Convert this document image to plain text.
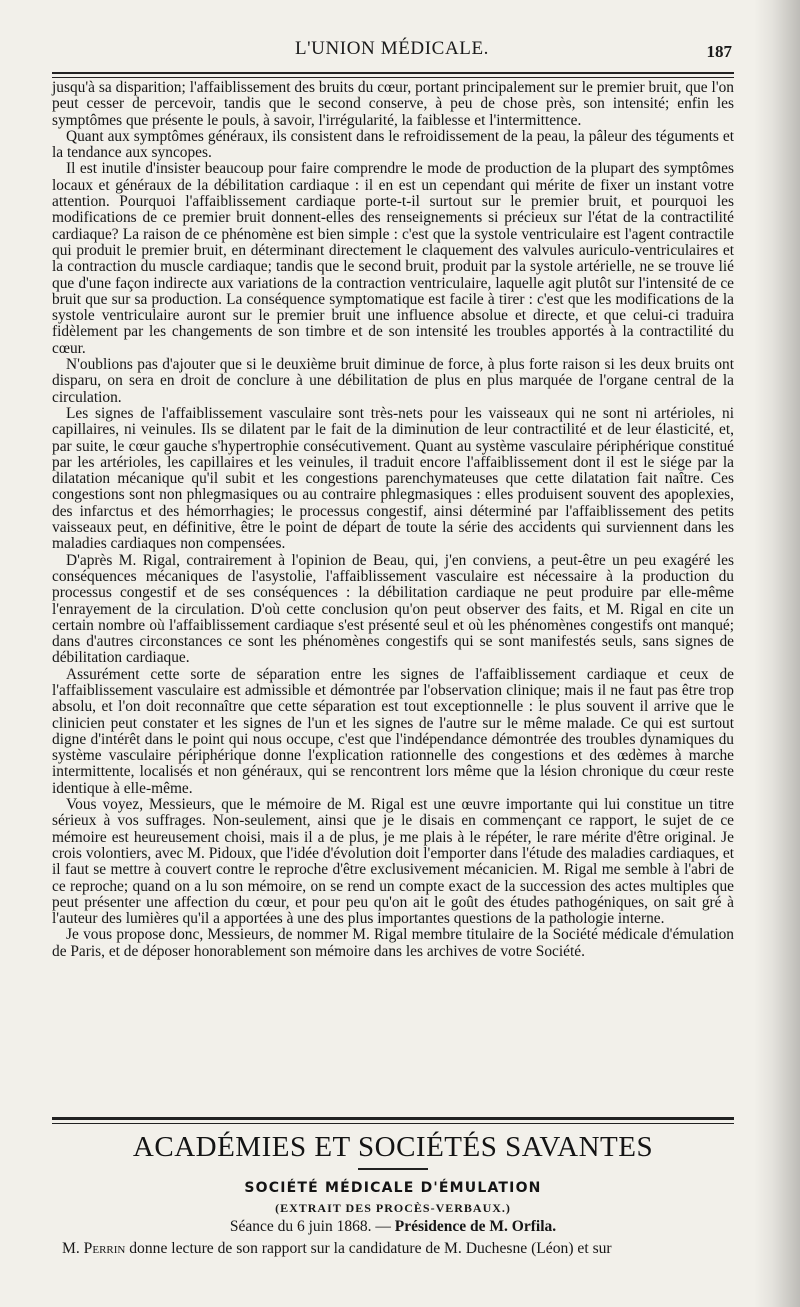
L'UNION MÉDICALE.	187

jusqu'à sa disparition; l'affaiblissement des bruits du cœur, portant principalement sur le premier bruit, que l'on peut cesser de percevoir, tandis que le second conserve, à peu de chose près, son intensité; enfin les symptômes que présente le pouls, à savoir, l'irrégularité, la faiblesse et l'intermittence.

Quant aux symptômes généraux, ils consistent dans le refroidissement de la peau, la pâleur des téguments et la tendance aux syncopes.

Il est inutile d'insister beaucoup pour faire comprendre le mode de production de la plupart des symptômes locaux et généraux de la débilitation cardiaque : il en est un cependant qui mérite de fixer un instant votre attention. Pourquoi l'affaiblissement cardiaque porte-t-il surtout sur le premier bruit, et pourquoi les modifications de ce premier bruit donnent-elles des renseignements si précieux sur l'état de la contractilité cardiaque? La raison de ce phénomène est bien simple : c'est que la systole ventriculaire est l'agent contractile qui produit le premier bruit, en déterminant directement le claquement des valvules auriculo-ventriculaires et la contraction du muscle cardiaque; tandis que le second bruit, produit par la systole artérielle, ne se trouve lié que d'une façon indirecte aux variations de la contraction ventriculaire, laquelle agit plutôt sur l'intensité de ce bruit que sur sa production. La conséquence symptomatique est facile à tirer : c'est que les modifications de la systole ventriculaire auront sur le premier bruit une influence absolue et directe, et que celui-ci traduira fidèlement par les changements de son timbre et de son intensité les troubles apportés à la contractilité du cœur.

N'oublions pas d'ajouter que si le deuxième bruit diminue de force, à plus forte raison si les deux bruits ont disparu, on sera en droit de conclure à une débilitation de plus en plus marquée de l'organe central de la circulation.

Les signes de l'affaiblissement vasculaire sont très-nets pour les vaisseaux qui ne sont ni artérioles, ni capillaires, ni veinules. Ils se dilatent par le fait de la diminution de leur contractilité et de leur élasticité, et, par suite, le cœur gauche s'hypertrophie consécutivement. Quant au système vasculaire périphérique constitué par les artérioles, les capillaires et les veinules, il traduit encore l'affaiblissement dont il est le siége par la dilatation mécanique qu'il subit et les congestions parenchymateuses que cette dilatation fait naître. Ces congestions sont non phlegmasiques ou au contraire phlegmasiques : elles produisent souvent des apoplexies, des infarctus et des hémorrhagies; le processus congestif, ainsi déterminé par l'affaiblissement des petits vaisseaux peut, en définitive, être le point de départ de toute la série des accidents qui surviennent dans les maladies cardiaques non compensées.

D'après M. Rigal, contrairement à l'opinion de Beau, qui, j'en conviens, a peut-être un peu exagéré les conséquences mécaniques de l'asystolie, l'affaiblissement vasculaire est nécessaire à la production du processus congestif et de ses conséquences : la débilitation cardiaque ne peut produire par elle-même l'enrayement de la circulation. D'où cette conclusion qu'on peut observer des faits, et M. Rigal en cite un certain nombre où l'affaiblissement cardiaque s'est présenté seul et où les phénomènes congestifs ont manqué; dans d'autres circonstances ce sont les phénomènes congestifs qui se sont manifestés seuls, sans signes de débilitation cardiaque.

Assurément cette sorte de séparation entre les signes de l'affaiblissement cardiaque et ceux de l'affaiblissement vasculaire est admissible et démontrée par l'observation clinique; mais il ne faut pas être trop absolu, et l'on doit reconnaître que cette séparation est tout exceptionnelle : le plus souvent il arrive que le clinicien peut constater et les signes de l'un et les signes de l'autre sur le même malade. Ce qui est surtout digne d'intérêt dans le point qui nous occupe, c'est que l'indépendance démontrée des troubles dynamiques du système vasculaire périphérique donne l'explication rationnelle des congestions et des œdèmes à marche intermittente, localisés et non généraux, qui se rencontrent lors même que la lésion chronique du cœur reste identique à elle-même.

Vous voyez, Messieurs, que le mémoire de M. Rigal est une œuvre importante qui lui constitue un titre sérieux à vos suffrages. Non-seulement, ainsi que je le disais en commençant ce rapport, le sujet de ce mémoire est heureusement choisi, mais il a de plus, je me plais à le répéter, le rare mérite d'être original. Je crois volontiers, avec M. Pidoux, que l'idée d'évolution doit l'emporter dans l'étude des maladies cardiaques, et il faut se mettre à couvert contre le reproche d'être exclusivement mécanicien. M. Rigal me semble à l'abri de ce reproche; quand on a lu son mémoire, on se rend un compte exact de la succession des actes multiples que peut présenter une affection du cœur, et pour peu qu'on ait le goût des études pathogéniques, on sait gré à l'auteur des lumières qu'il a apportées à une des plus importantes questions de la pathologie interne.

Je vous propose donc, Messieurs, de nommer M. Rigal membre titulaire de la Société médicale d'émulation de Paris, et de déposer honorablement son mémoire dans les archives de votre Société.

ACADÉMIES ET SOCIÉTÉS SAVANTES
SOCIÉTÉ MÉDICALE D'ÉMULATION
(EXTRAIT DES PROCÈS-VERBAUX.)
Séance du 6 juin 1868. — Présidence de M. Orfila.
M. Perrin donne lecture de son rapport sur la candidature de M. Duchesne (Léon) et sur
